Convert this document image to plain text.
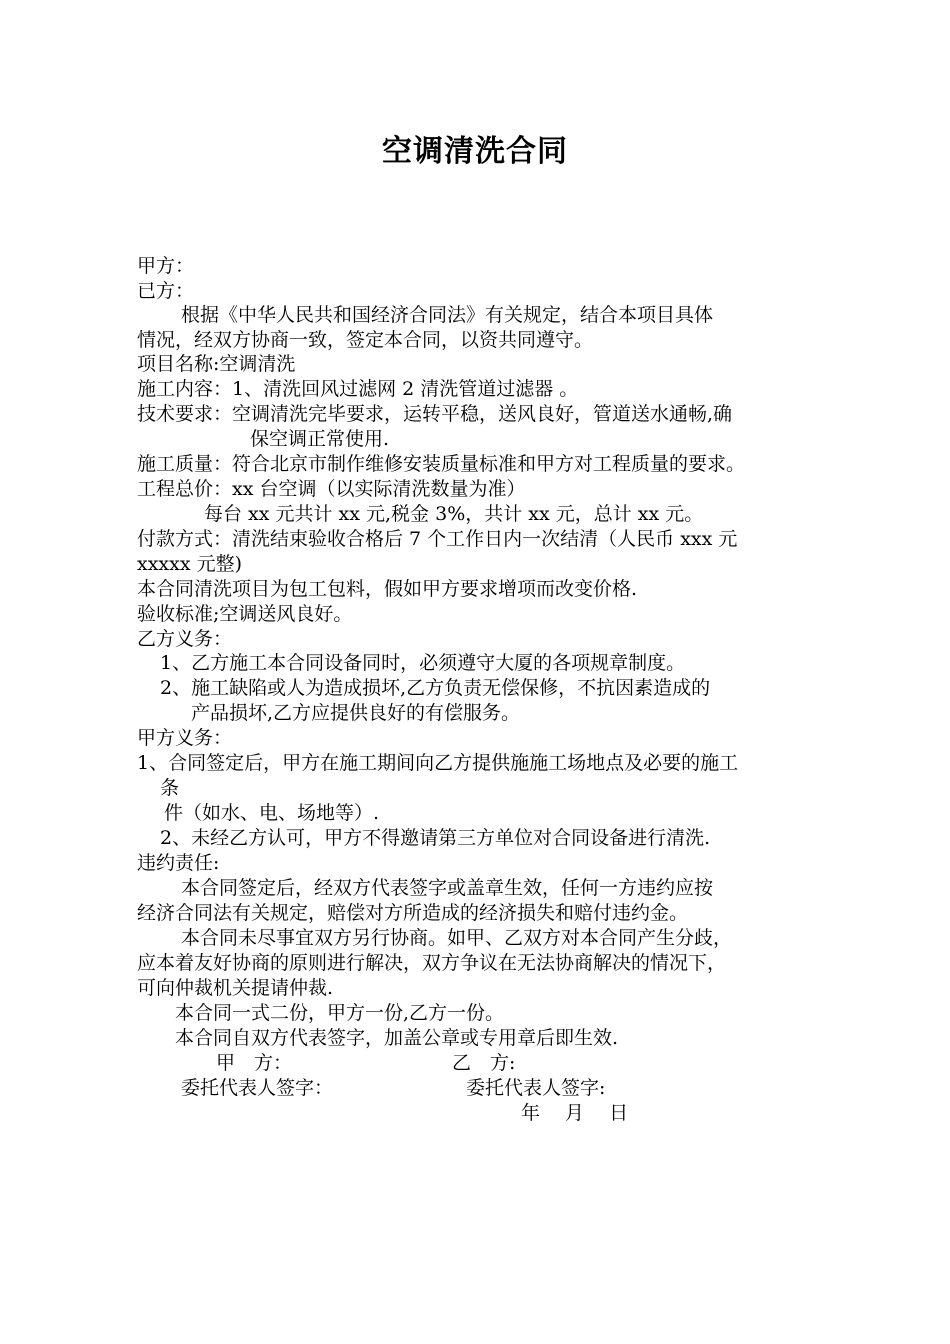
空调清洗合同
甲方：
已方：
根据《中华人民共和国经济合同法》有关规定，结合本项目具体
情况，经双方协商一致，签定本合同，以资共同遵守。
项目名称:空调清洗
施工内容：1、清洗回风过滤网 2 清洗管道过滤器 。
技术要求：空调清洗完毕要求，运转平稳，送风良好，管道送水通畅,确
保空调正常使用.
施工质量：符合北京市制作维修安装质量标准和甲方对工程质量的要求。
工程总价：xx 台空调（以实际清洗数量为准）
每台 xx 元共计 xx 元,税金 3%，共计 xx 元，总计 xx 元。
付款方式：清洗结束验收合格后 7 个工作日内一次结清（人民币 xxx 元
xxxxx 元整)
本合同清洗项目为包工包料，假如甲方要求增项而改变价格.
验收标准;空调送风良好。
乙方义务：
1、乙方施工本合同设备同时，必须遵守大厦的各项规章制度。
2、施工缺陷或人为造成损坏,乙方负责无偿保修，不抗因素造成的
产品损坏,乙方应提供良好的有偿服务。
甲方义务：
1、合同签定后，甲方在施工期间向乙方提供施施工场地点及必要的施工
条
件（如水、电、场地等）.
2、未经乙方认可，甲方不得邀请第三方单位对合同设备进行清洗.
违约责任:
本合同签定后，经双方代表签字或盖章生效，任何一方违约应按
经济合同法有关规定，赔偿对方所造成的经济损失和赔付违约金。
本合同未尽事宜双方另行协商。如甲、乙双方对本合同产生分歧，
应本着友好协商的原则进行解决，双方争议在无法协商解决的情况下，
可向仲裁机关提请仲裁.
本合同一式二份，甲方一份,乙方一份。
本合同自双方代表签字，加盖公章或专用章后即生效.
甲　方：	乙　方:
委托代表人签字：	委托代表人签字:
年　 月　 日
